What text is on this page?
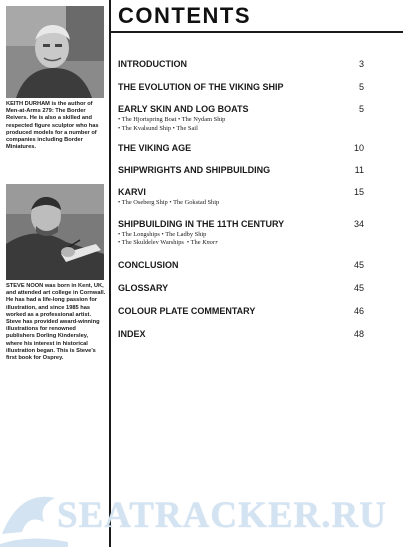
KEITH DURHAM is the author of Men-at-Arms 279: The Border Reivers. He is also a skilled and respected figure sculptor who has produced models for a number of companies including Border Miniatures.
STEVE NOON was born in Kent, UK, and attended art college in Cornwall. He has had a life-long passion for illustration, and since 1985 has worked as a professional artist. Steve has provided award-winning illustrations for renowned publishers Dorling Kindersley, where his interest in historical illustration began. This is Steve's first book for Osprey.
CONTENTS
INTRODUCTION	3
THE EVOLUTION OF THE VIKING SHIP	5
EARLY SKIN AND LOG BOATS	5
• The Hjortspring Boat • The Nydam Ship
• The Kvalsund Ship • The Sail
THE VIKING AGE	10
SHIPWRIGHTS AND SHIPBUILDING	11
KARVI	15
• The Oseberg Ship • The Gokstad Ship
SHIPBUILDING IN THE 11TH CENTURY	34
• The Longships • The Ladby Ship
• The Skuldelev Warships • The Knorr
CONCLUSION	45
GLOSSARY	45
COLOUR PLATE COMMENTARY	46
INDEX	48
SEATRACKER.RU
